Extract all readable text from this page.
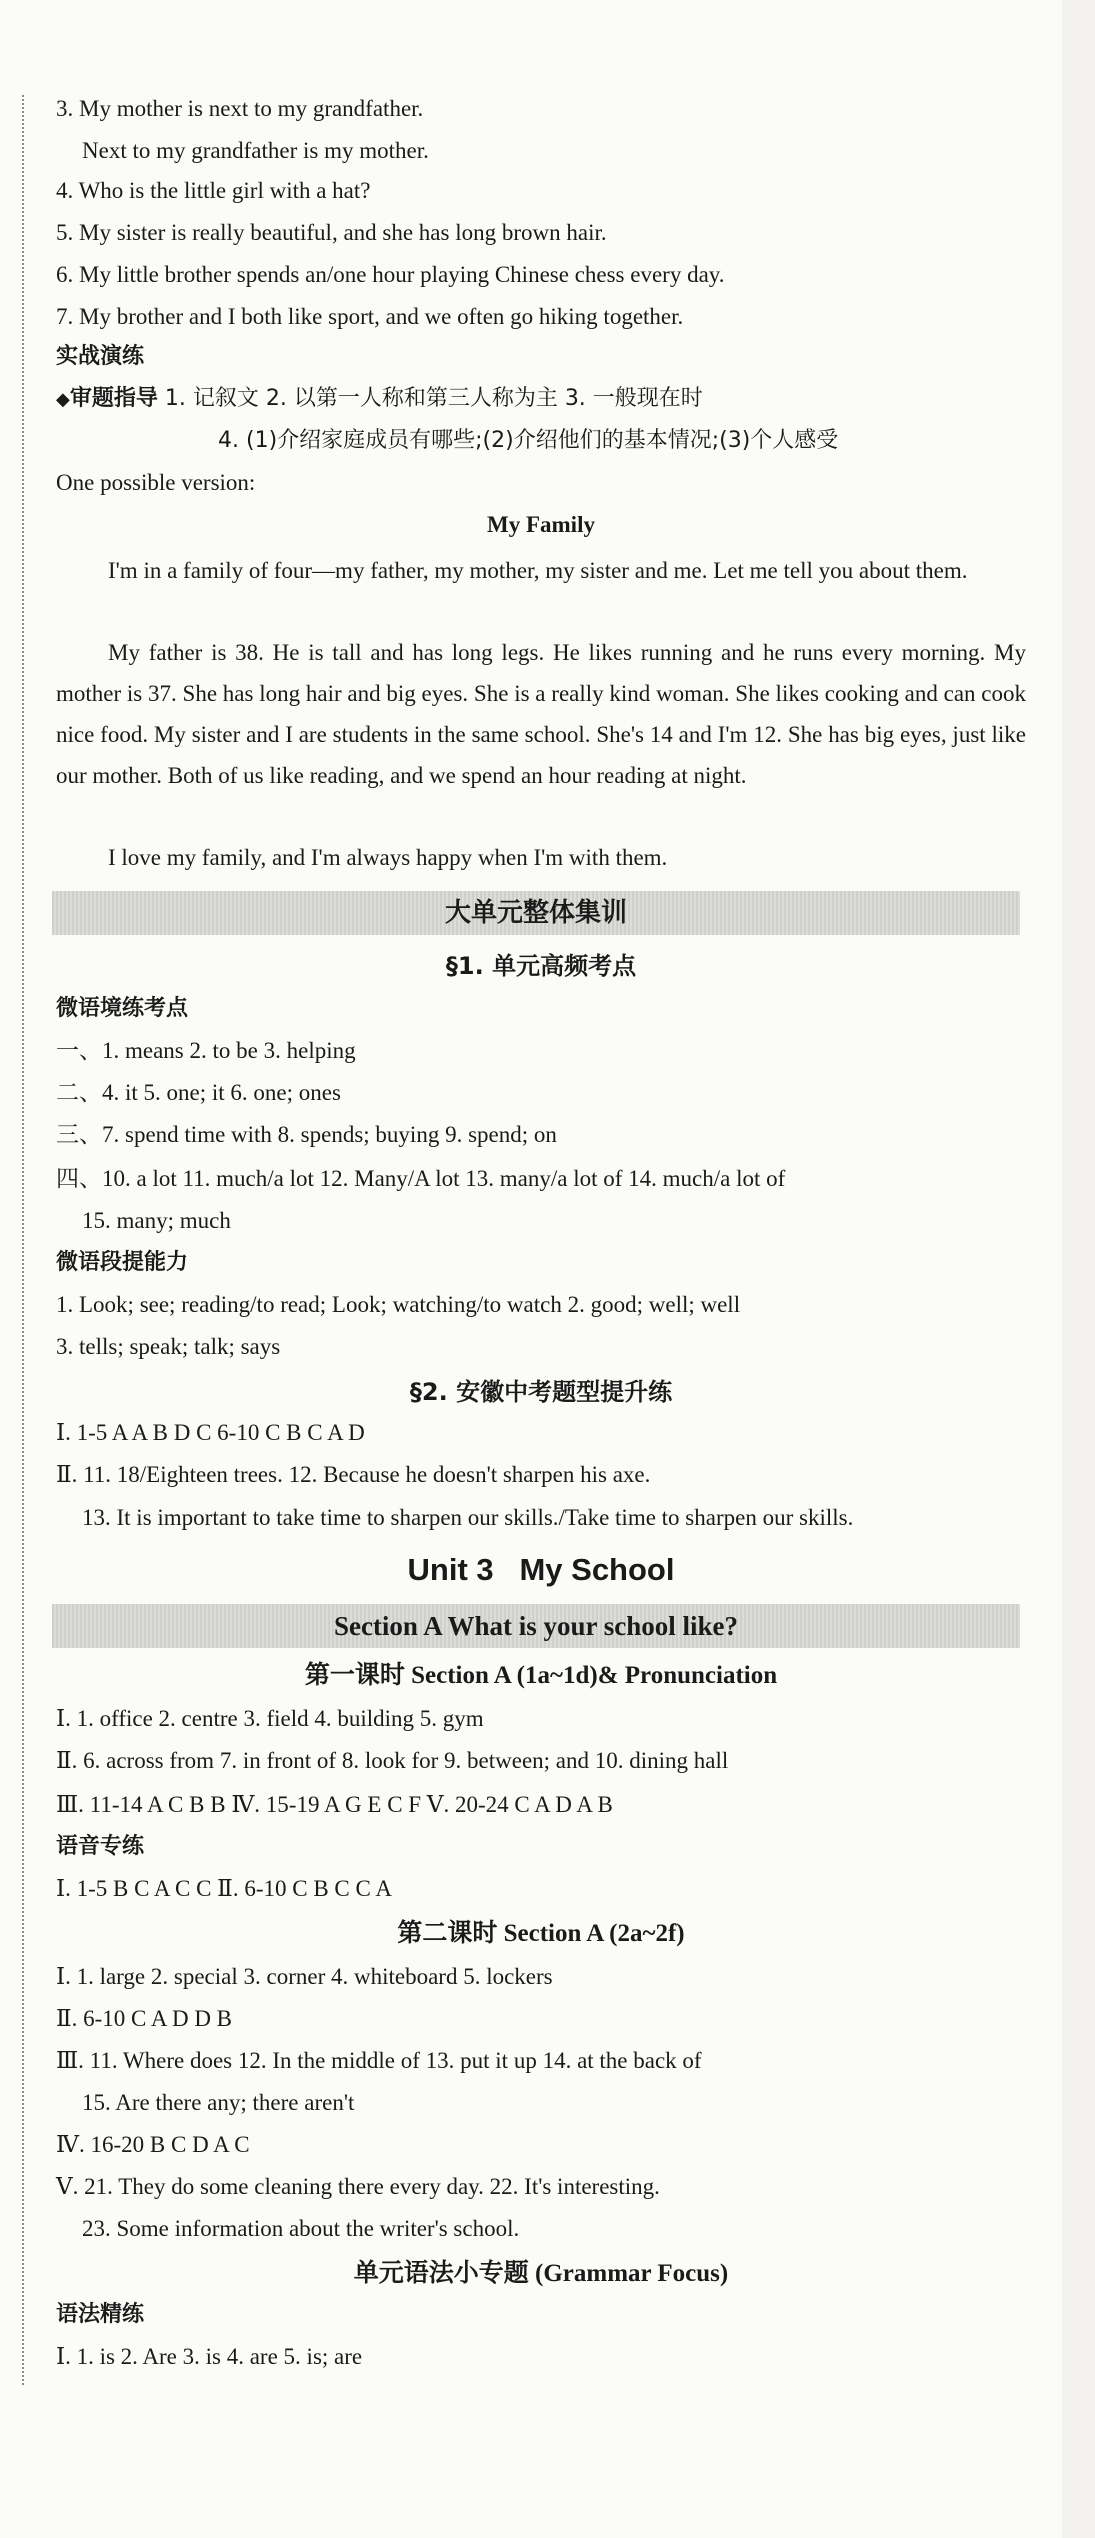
3. My mother is next to my grandfather.
Next to my grandfather is my mother.
4. Who is the little girl with a hat?
5. My sister is really beautiful, and she has long brown hair.
6. My little brother spends an/one hour playing Chinese chess every day.
7. My brother and I both like sport, and we often go hiking together.
实战演练
◆审题指导 1. 记叙文 2. 以第一人称和第三人称为主 3. 一般现在时
4. (1)介绍家庭成员有哪些;(2)介绍他们的基本情况;(3)个人感受
One possible version:
My Family
I'm in a family of four—my father, my mother, my sister and me. Let me tell you about them.
My father is 38. He is tall and has long legs. He likes running and he runs every morning. My mother is 37. She has long hair and big eyes. She is a really kind woman. She likes cooking and can cook nice food. My sister and I are students in the same school. She's 14 and I'm 12. She has big eyes, just like our mother. Both of us like reading, and we spend an hour reading at night.
I love my family, and I'm always happy when I'm with them.
大单元整体集训
§1. 单元高频考点
微语境练考点
一、1. means 2. to be 3. helping
二、4. it 5. one; it 6. one; ones
三、7. spend time with 8. spends; buying 9. spend; on
四、10. a lot 11. much/a lot 12. Many/A lot 13. many/a lot of 14. much/a lot of
15. many; much
微语段提能力
1. Look; see; reading/to read; Look; watching/to watch 2. good; well; well
3. tells; speak; talk; says
§2. 安徽中考题型提升练
Ⅰ. 1-5 A A B D C 6-10 C B C A D
Ⅱ. 11. 18/Eighteen trees. 12. Because he doesn't sharpen his axe.
13. It is important to take time to sharpen our skills./Take time to sharpen our skills.
Unit 3   My School
Section A What is your school like?
第一课时 Section A (1a~1d)& Pronunciation
Ⅰ. 1. office 2. centre 3. field 4. building 5. gym
Ⅱ. 6. across from 7. in front of 8. look for 9. between; and 10. dining hall
Ⅲ. 11-14 A C B B Ⅳ. 15-19 A G E C F Ⅴ. 20-24 C A D A B
语音专练
Ⅰ. 1-5 B C A C C Ⅱ. 6-10 C B C C A
第二课时 Section A (2a~2f)
Ⅰ. 1. large 2. special 3. corner 4. whiteboard 5. lockers
Ⅱ. 6-10 C A D D B
Ⅲ. 11. Where does 12. In the middle of 13. put it up 14. at the back of
15. Are there any; there aren't
Ⅳ. 16-20 B C D A C
Ⅴ. 21. They do some cleaning there every day. 22. It's interesting.
23. Some information about the writer's school.
单元语法小专题 (Grammar Focus)
语法精练
Ⅰ. 1. is 2. Are 3. is 4. are 5. is; are
